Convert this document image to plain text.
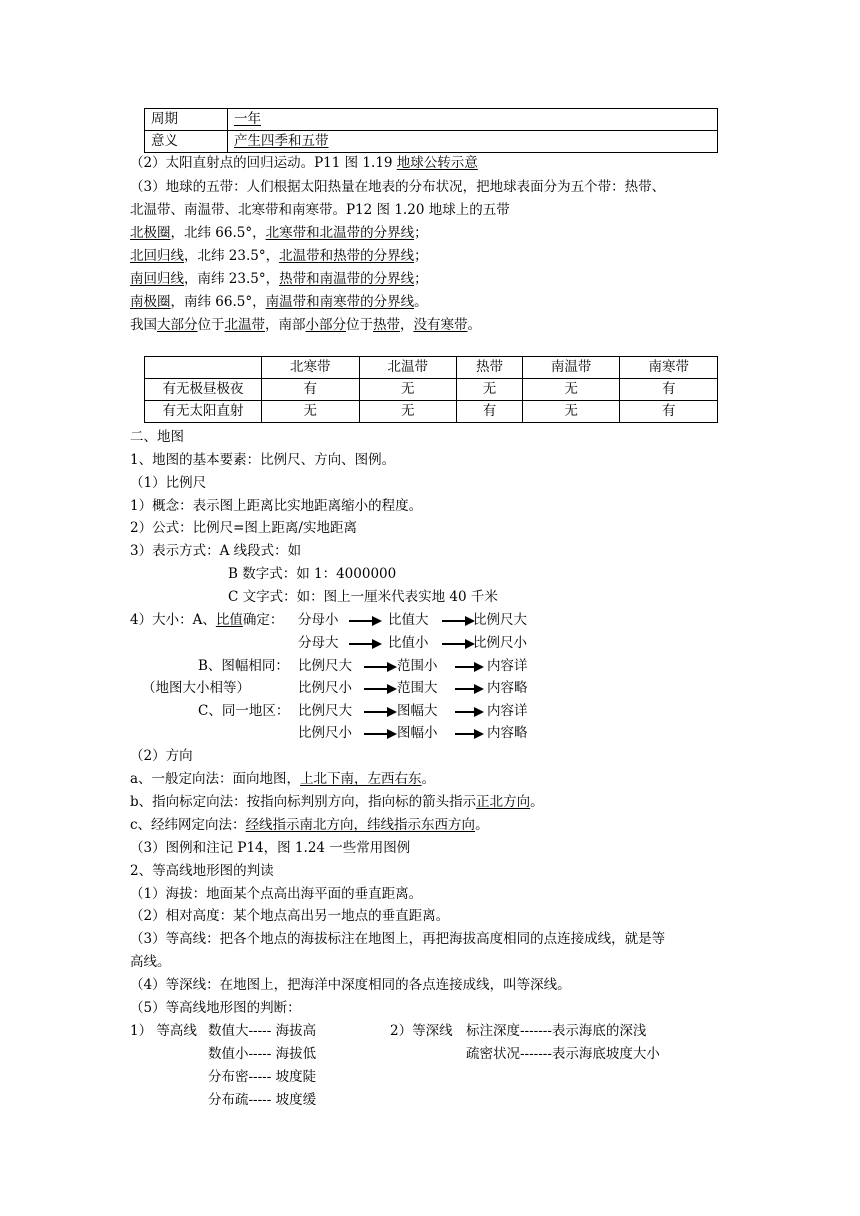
周期	一年
意义	产生四季和五带
（2）太阳直射点的回归运动。P11 图 1.19 地球公转示意
（3）地球的五带：人们根据太阳热量在地表的分布状况，把地球表面分为五个带：热带、
北温带、南温带、北寒带和南寒带。P12 图 1.20 地球上的五带
北极圈，北纬 66.5°，北寒带和北温带的分界线；
北回归线，北纬 23.5°，北温带和热带的分界线；
南回归线，南纬 23.5°，热带和南温带的分界线；
南极圈，南纬 66.5°，南温带和南寒带的分界线。
我国大部分位于北温带，南部小部分位于热带，没有寒带。
	北寒带	北温带	热带	南温带	南寒带
有无极昼极夜	有	无	无	无	有
有无太阳直射	无	无	有	无	有
二、地图
1、地图的基本要素：比例尺、方向、图例。
（1）比例尺
1）概念：表示图上距离比实地距离缩小的程度。
2）公式：比例尺=图上距离/实地距离
3）表示方式：A 线段式：如
B 数字式：如 1：4000000
C 文字式：如：图上一厘米代表实地 40 千米
4）大小：A、比值确定： 分母小	比值大	比例尺大
分母大	比值小	比例尺小
B、图幅相同： 比例尺大	范围小	内容详
（地图大小相等）	比例尺小	范围大	内容略
C、同一地区： 比例尺大	图幅大	内容详
比例尺小	图幅小	内容略
（2）方向
a、一般定向法：面向地图，上北下南，左西右东。
b、指向标定向法：按指向标判别方向，指向标的箭头指示正北方向。
c、经纬网定向法：经线指示南北方向，纬线指示东西方向。
（3）图例和注记 P14，图 1.24 一些常用图例
2、等高线地形图的判读
（1）海拔：地面某个点高出海平面的垂直距离。
（2）相对高度：某个地点高出另一地点的垂直距离。
（3）等高线：把各个地点的海拔标注在地图上，再把海拔高度相同的点连接成线，就是等
高线。
（4）等深线：在地图上，把海洋中深度相同的各点连接成线，叫等深线。
（5）等高线地形图的判断：
1） 等高线 数值大----- 海拔高
数值小----- 海拔低
分布密----- 坡度陡
分布疏----- 坡度缓
2）等深线 标注深度-------表示海底的深浅
疏密状况-------表示海底坡度大小
